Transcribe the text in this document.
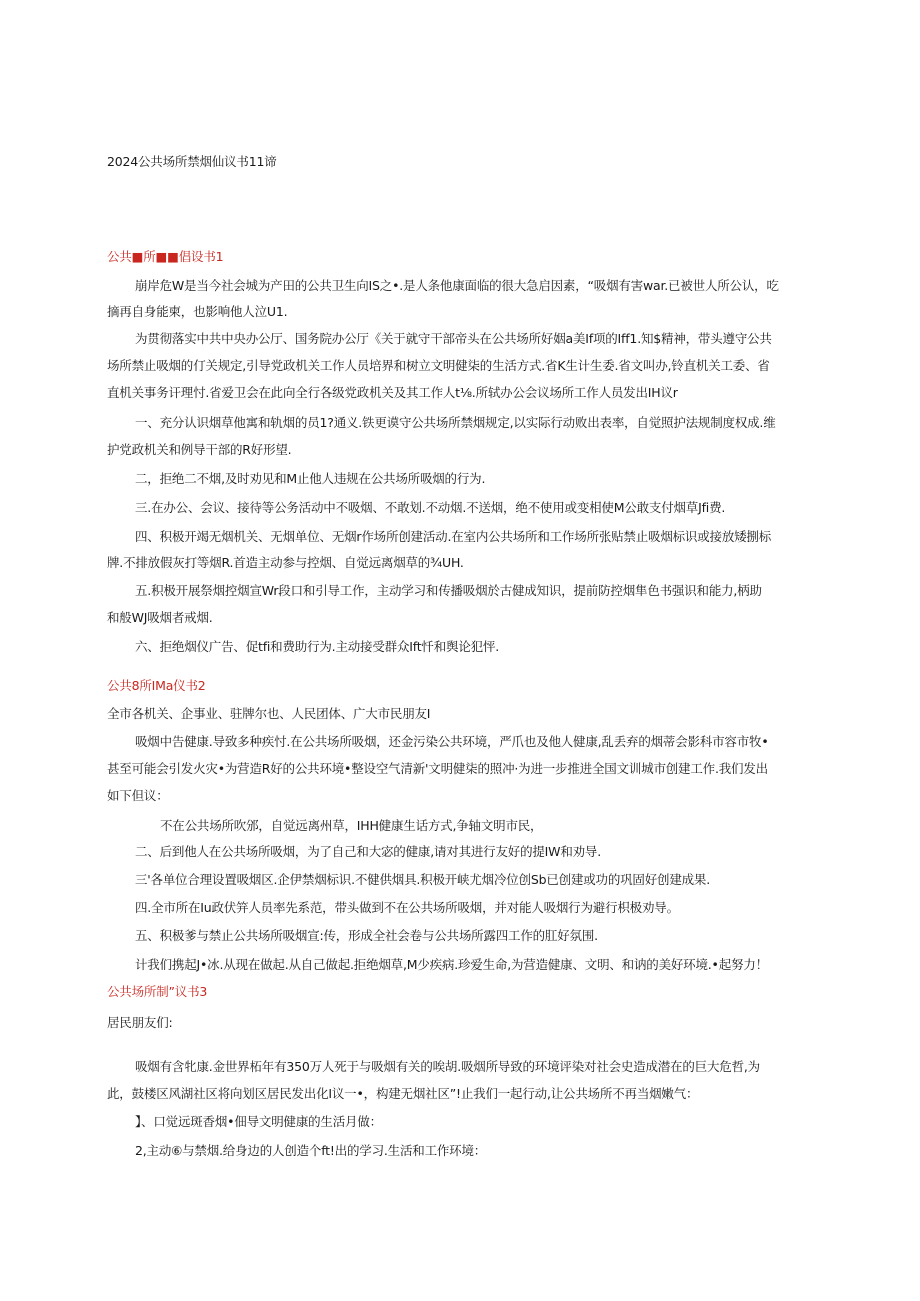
2024公共场所禁烟仙议书11谛

公共■所■■倡设书1

崩岸危W是当今社会城为产田的公共卫生向IS之•.是人条他康面临的很大急启因素，“吸烟有害war.已被世人所公认，吃

摘再自身能柬，也影响他人泣U1.

为贯彻落实中共中央办公厅、国务院办公厅《关于就守干部帝头在公共场所好姻a美If项的Iff1.知$精神，带头遵守公共

场所禁止吸烟的仃关规定,引导党政机关工作人员培界和树立文明健柒的生活方式.省K生计生委.省文叫办,铃直机关工委、省

直机关事务讦理忖.省爱卫会在此向全行各级党政机关及其工作人t⅛.所轼办公会议场所工作人员发出IH议r

一、充分认识烟草他寓和轨烟的员1?通义.铁更谟守公共场所禁烟规定,以实际行动败出表率，自觉照护法规制度权成.维

护党政机关和例导干部的R好形望.

二，拒绝二不烟,及时劝见和M止他人违规在公共场所吸烟的行为.

三.在办公、会议、接待等公务活动中不吸烟、不敢划.不动烟.不送烟，绝不使用或变相使M公敢支付烟草Jfi费.

四、积极开竭无烟机关、无烟单位、无烟r作场所创建活动.在室内公共场所和工作场所张贴禁止吸烟标识或接放矮捌标

牌.不排放假灰打等烟R.首造主动参与控烟、自觉远离烟草的¾UH.

五.积极开展祭烟控烟宣Wr段口和引导工作，主动学习和传播吸烟於古健成知识，提前防控烟隼色书强识和能力,柄助

和般WJ吸烟者戒烟.

六、拒绝烟仪广告、促tfi和费助行为.主动接受群众Ift忏和舆论犯怦.

公共8所IMa仪书2

全市各机关、企事业、驻牌尔也、人民团体、广大市民朋友I

吸烟中告健康.导致多种疾忖.在公共场所吸烟，还金污染公共环境，严爪也及他人健康,乱丢弃的烟蒂会影科市容市牧•

甚至可能会引发火灾•为营造R好的公共环境•整设空气清新'文明健柒的照冲·为进一步推进全国文训城市创建工作.我们发出

如下但议：

不在公共场所吹邠，自觉远离州草，IHH健康生话方式,争轴文明市民，

二、后到他人在公共场所吸烟，为了自己和大宓的健康,请对其进行友好的提IW和劝导.

三'各单位合理设置吸烟区.企伊禁烟标识.不健供烟具.积极开峡尤烟冷位创Sb已创建或功的巩固好创建成果.

四.全市所在Iu政伏笄人员率先系范，带头做到不在公共场所吸烟，并对能人吸烟行为避行枳极劝导。

五、积极爹与禁止公共场所吸烟宣:传，形成全社会卷与公共场所露四工作的肛好氛围.

计我们携起J•冰.从现在做起.从自己做起.拒绝烟草,M少疾病.珍爱生命,为营造健康、文明、和讷的美好环境.•起努力！

公共场所制”议书3

居民朋友们:

吸烟有含牝康.金世界柘年有350万人死于与吸烟有关的唉胡.吸烟所导致的环境评染对社会史造成潜在的巨大危哲,为

此，鼓楼区风湖社区将向划区居民发出化I议一•，构建无烟社区”!止我们一起行动,让公共场所不再当烟嫩气：

】、口觉远斑香烟•佃导文明健康的生活月做：

2,主动⑥与禁烟.给身边的人创造个ft!出的学习.生活和工作环境：
